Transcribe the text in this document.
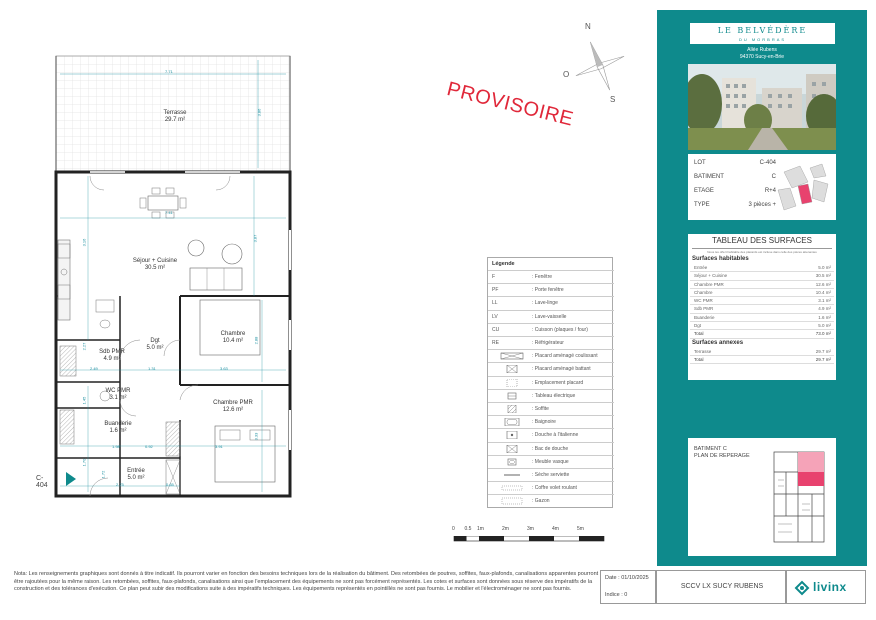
Terrasse
29.7 m²
Séjour + Cuisine
30.5 m²
Chambre
10.4 m²
Dgt
5.0 m²
Sdb PMR
4.9 m²
WC PMR
3.1 m²
Chambre PMR
12.6 m²
Buanderie
1.6 m²
Entrée
5.0 m²
7.71
3.86
7.41
3.87
3.16
2.88
2.49	1.31	3.63
1.45
2.27
1.98	0.92	3.91
3.33
1.70
2.75	0.65
1.72
C-404
PROVISOIRE
N
O
S
Légende
F	: Fenêtre
PF	: Porte fenêtre
LL	: Lave-linge
LV	: Lave-vaisselle
CU	: Cuisson (plaques / four)
RE	: Réfrigérateur
: Placard aménagé coulissant
: Placard aménagé battant
: Emplacement placard
: Tableau électrique
: Soffite
: Baignoire
: Douche à l'italienne
: Bac de douche
: Meuble vasque
: Sèche serviette
: Coffre volet roulant
: Gazon
0 0.5 1m	2m	3m	4m	5m
LE BELVÉDÈRE
DU MORBRAS
Allée Rubens
94370 Sucy-en-Brie
LOT	C-404
BATIMENT	C
ETAGE	R+4
TYPE	3 pièces +
TABLEAU DES SURFACES
Nous les offert habitable des placards est incluse dans celle des pièces attenantes
Surfaces habitables
Entrée	5.0 m²
Séjour + Cuisine	30.5 m²
Chambre PMR	12.6 m²
Chambre	10.4 m²
WC PMR	3.1 m²
Sdb PMR	4.9 m²
Buanderie	1.6 m²
Dgt	5.0 m²
Total	73.0 m²
Surfaces annexes
Terrasse	29.7 m²
Total	29.7 m²
BATIMENT C
PLAN DE REPERAGE
Nota: Les renseignements graphiques sont donnés à titre indicatif. Ils pourront varier en fonction des besoins techniques lors de la réalisation du bâtiment. Des retombées de poutres, soffites, faux-plafonds, canalisations apparentes pourront être rajoutées pour la même raison. Les retombées, soffites, faux-plafonds, canalisations ainsi que l'emplacement des équipements ne sont pas forcément représentés. Les cotes et surfaces sont données sous réserve des impératifs de la construction et des tolérances d'exécution. Ce plan peut subir des modifications suite à des impératifs techniques. Les équipements représentés en pointillés ne sont pas fournis. Le mobilier et l'électroménager ne sont pas fournis.
Date : 01/10/2025
Indice : 0
SCCV LX SUCY RUBENS	livinx
